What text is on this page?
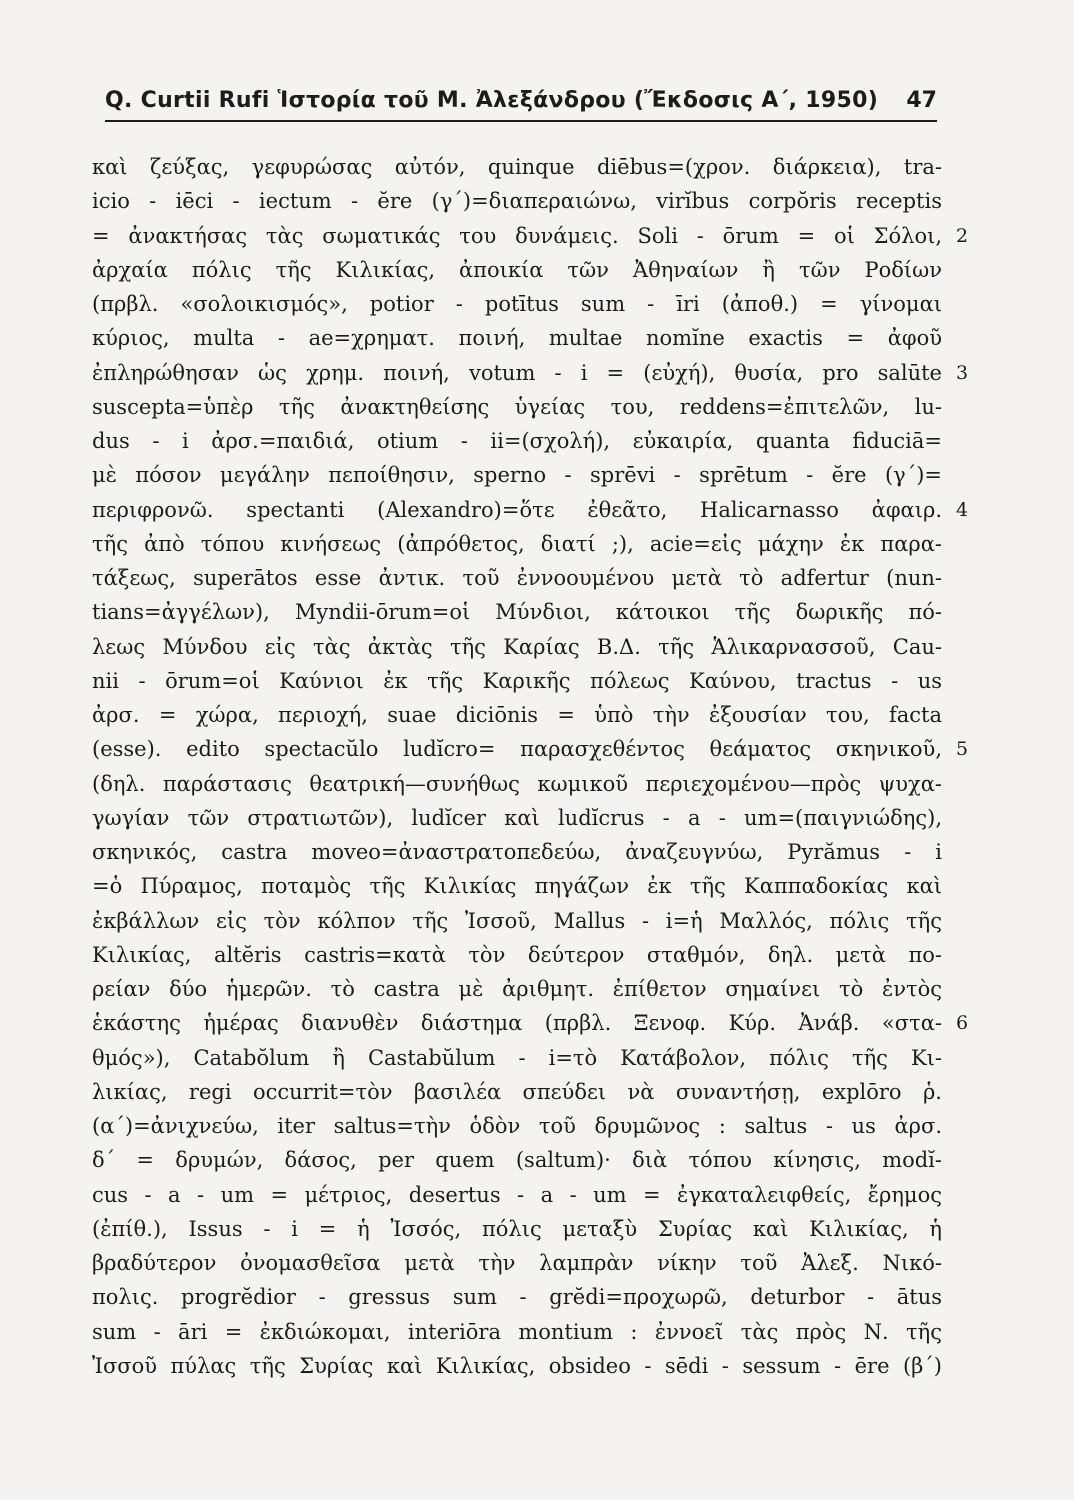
Q. Curtii Rufi Ἱστορία τοῦ Μ. Ἀλεξάνδρου (Ἔκδοσις Α΄, 1950) 47
καὶ ζεύξας, γεφυρώσας αὐτόν, quinque diēbus=(χρον. διάρκεια), tra-
icio - iēci - iectum - ĕre (γ΄)=διαπεραιώνω, virĭbus corpŏris receptis
= ἀνακτήσας τὰς σωματικάς του δυνάμεις. Soli - ōrum = οἱ Σόλοι,
ἀρχαία πόλις τῆς Κιλικίας, ἀποικία τῶν Ἀθηναίων ἢ τῶν Ροδίων
(πρβλ. «σολοικισμός», potior - potītus sum - īri (ἀποθ.) = γίνομαι
κύριος, multa - ae=χρηματ. ποινή, multae nomĭne exactis = ἀφοῦ
ἐπληρώθησαν ὡς χρημ. ποινή, votum - i = (εὐχή), θυσία, pro salūte
suscepta=ὑπὲρ τῆς ἀνακτηθείσης ὑγείας του, reddens=ἐπιτελῶν, lu-
dus - i ἀρσ.=παιδιά, otium - ii=(σχολή), εὐκαιρία, quanta fiduciā=
μὲ πόσον μεγάλην πεποίθησιν, sperno - sprēvi - sprētum - ĕre (γ΄)=
περιφρονῶ. spectanti (Alexandro)=ὅτε ἐθεᾶτο, Halicarnasso ἀφαιρ.
τῆς ἀπὸ τόπου κινήσεως (ἀπρόθετος, διατί ;), acie=εἰς μάχην ἐκ παρα-
τάξεως, superātos esse ἀντικ. τοῦ ἐννοουμένου μετὰ τὸ adfertur (nun-
tians=ἀγγέλων), Myndii-ōrum=οἱ Μύνδιοι, κάτοικοι τῆς δωρικῆς πό-
λεως Μύνδου εἰς τὰς ἀκτὰς τῆς Καρίας Β.Δ. τῆς Ἁλικαρνασσοῦ, Cau-
nii - ōrum=οἱ Καύνιοι ἐκ τῆς Καρικῆς πόλεως Καύνου, tractus - us
ἀρσ. = χώρα, περιοχή, suae diciōnis = ὑπὸ τὴν ἐξουσίαν του, facta
(esse). edito spectacŭlo ludĭcro= παρασχεθέντος θεάματος σκηνικοῦ,
(δηλ. παράστασις θεατρική—συνήθως κωμικοῦ περιεχομένου—πρὸς ψυχα-
γωγίαν τῶν στρατιωτῶν), ludĭcer καὶ ludĭcrus - a - um=(παιγνιώδης),
σκηνικός, castra moveo=ἀναστρατοπεδεύω, ἀναζευγνύω, Pyrămus - i
=ὁ Πύραμος, ποταμὸς τῆς Κιλικίας πηγάζων ἐκ τῆς Καππαδοκίας καὶ
ἐκβάλλων εἰς τὸν κόλπον τῆς Ἰσσοῦ, Mallus - i=ἡ Μαλλός, πόλις τῆς
Κιλικίας, altĕris castris=κατὰ τὸν δεύτερον σταθμόν, δηλ. μετὰ πο-
ρείαν δύο ἡμερῶν. τὸ castra μὲ ἀριθμητ. ἐπίθετον σημαίνει τὸ ἐντὸς
ἑκάστης ἡμέρας διανυθὲν διάστημα (πρβλ. Ξενοφ. Κύρ. Ἀνάβ. «στα-
θμός»), Catabŏlum ἢ Castabŭlum - i=τὸ Κατάβολον, πόλις τῆς Κι-
λικίας, regi occurrit=τὸν βασιλέα σπεύδει νὰ συναντήσῃ, explōro ῥ.
(α΄)=ἀνιχνεύω, iter saltus=τὴν ὁδὸν τοῦ δρυμῶνος : saltus - us ἀρσ.
δ΄ = δρυμών, δάσος, per quem (saltum)· διὰ τόπου κίνησις, modĭ-
cus - a - um = μέτριος, desertus - a - um = ἐγκαταλειφθείς, ἔρημος
(ἐπίθ.), Issus - i = ἡ Ἰσσός, πόλις μεταξὺ Συρίας καὶ Κιλικίας, ἡ
βραδύτερον ὀνομασθεῖσα μετὰ τὴν λαμπρὰν νίκην τοῦ Ἀλεξ. Νικό-
πολις. progrĕdior - gressus sum - grĕdi=προχωρῶ, deturbor - ātus
sum - āri = ἐκδιώκομαι, interiōra montium : ἐννοεῖ τὰς πρὸς Ν. τῆς
Ἰσσοῦ πύλας τῆς Συρίας καὶ Κιλικίας, obsideo - sēdi - sessum - ēre (β΄)
2
3
4
5
6
